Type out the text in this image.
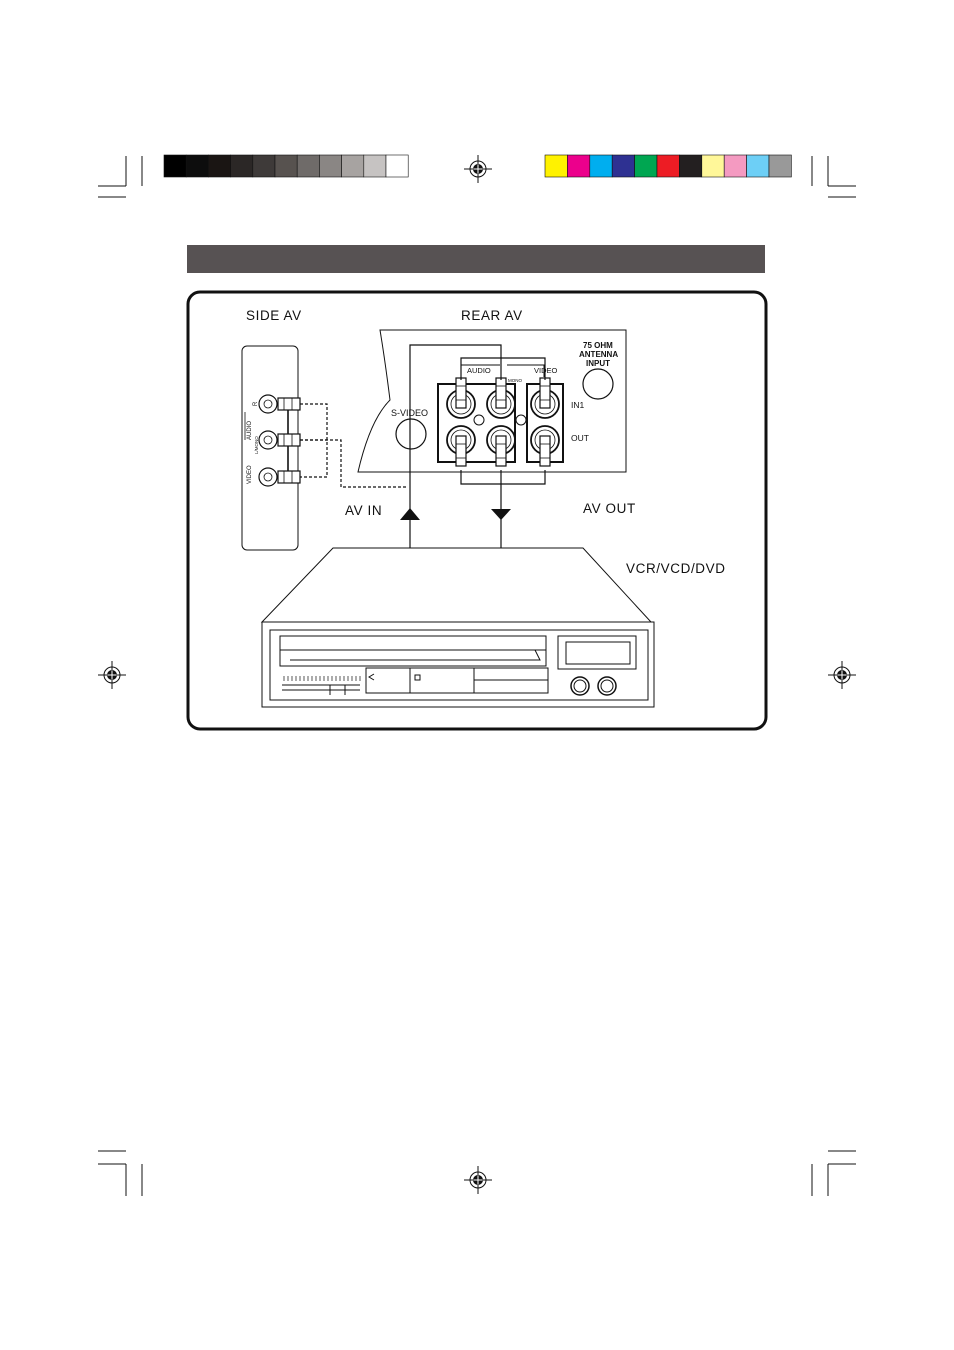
SIDE AV	REAR AV
R
AUDIO
L/MONO
VIDEO
75 OHM
ANTENNA
INPUT
S-VIDEO
AUDIO	VIDEO
MONO
IN1
OUT
AV IN	AV OUT
VCR/VCD/DVD
